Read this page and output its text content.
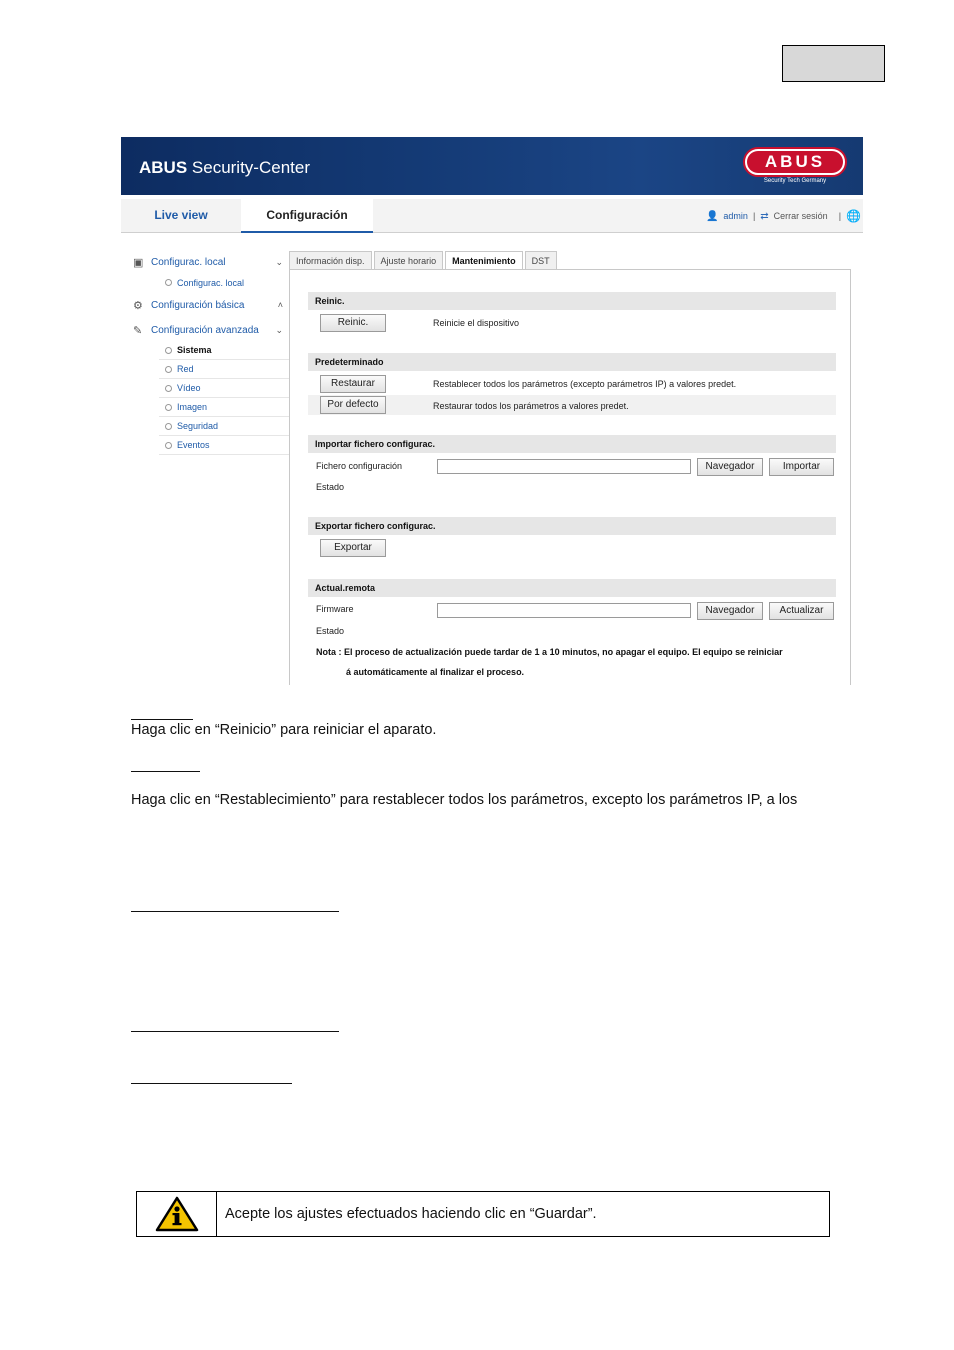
ABUS Security-Center	ABUS
Security Tech Germany
Live view	Configuración	👤 admin | ⇄ Cerrar sesión | 🌐
▣ Configurac. local	⌄
Configurac. local
⚙ Configuración básica	˄
✎ Configuración avanzada ⌄
Sistema
Red
Vídeo
Imagen
Seguridad
Eventos
Información disp.	Ajuste horario	Mantenimiento	DST
Reinic.
Reinic.	Reinicie el dispositivo
Predeterminado
Restaurar	Restablecer todos los parámetros (excepto parámetros IP) a valores predet.
Por defecto	Restaurar todos los parámetros a valores predet.
Importar fichero configurac.
Fichero configuración	Navegador	Importar
Estado
Exportar fichero configurac.
Exportar
Actual.remota
Firmware	Navegador	Actualizar
Estado
Nota : El proceso de actualización puede tardar de 1 a 10 minutos, no apagar el equipo. El equipo se reiniciar
á automáticamente al finalizar el proceso.
Haga clic en “Reinicio” para reiniciar el aparato.
Haga clic en “Restablecimiento” para restablecer todos los parámetros, excepto los parámetros IP, a los
Acepte los ajustes efectuados haciendo clic en “Guardar”.
